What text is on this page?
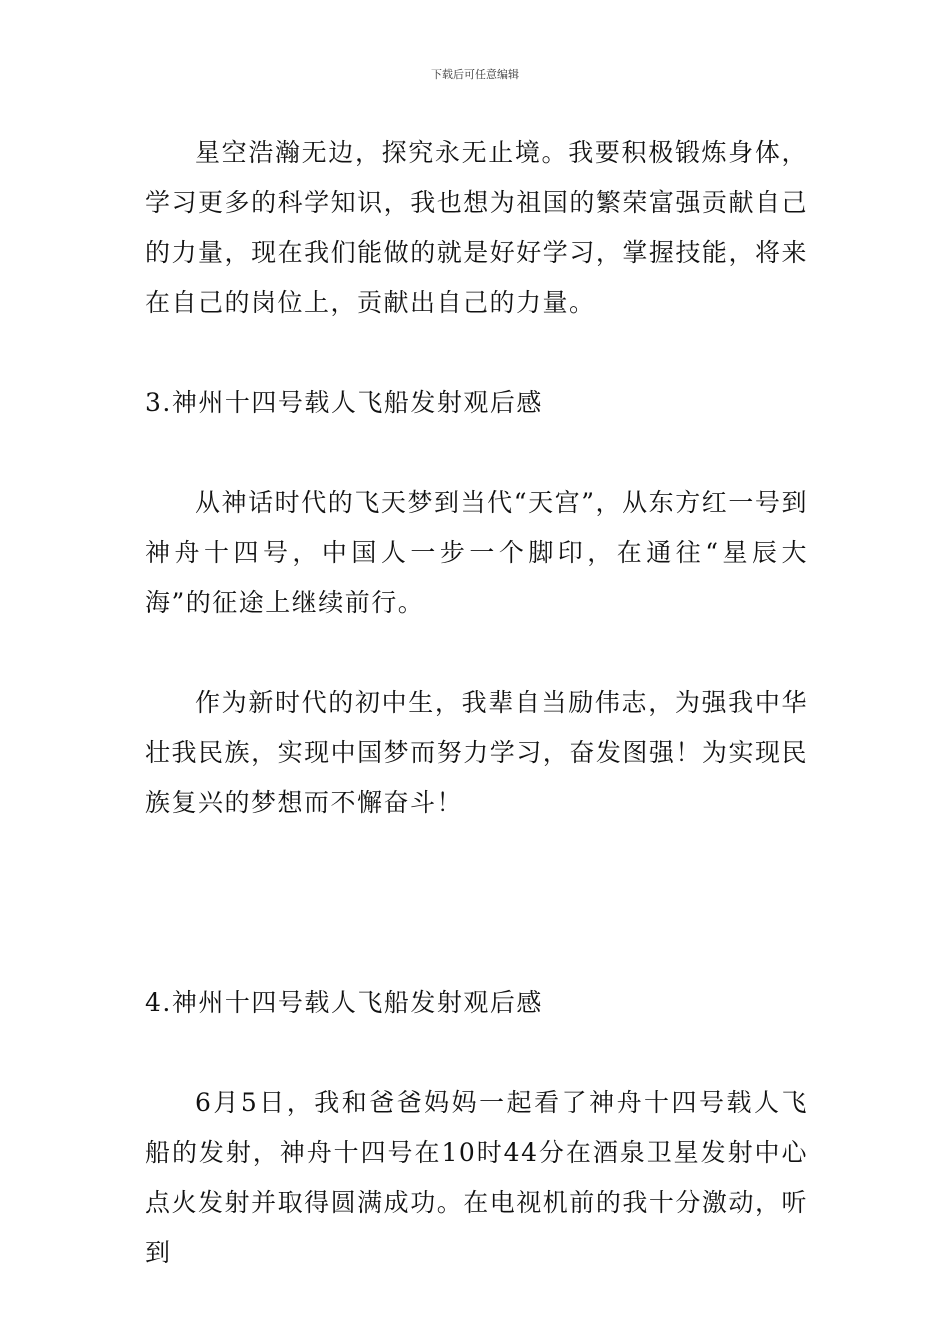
下载后可任意编辑

星空浩瀚无边，探究永无止境。我要积极锻炼身体，学习更多的科学知识，我也想为祖国的繁荣富强贡献自己的力量，现在我们能做的就是好好学习，掌握技能，将来在自己的岗位上，贡献出自己的力量。

3.神州十四号载人飞船发射观后感

从神话时代的飞天梦到当代“天宫”，从东方红一号到神舟十四号，中国人一步一个脚印，在通往“星辰大海”的征途上继续前行。

作为新时代的初中生，我辈自当励伟志，为强我中华壮我民族，实现中国梦而努力学习，奋发图强！为实现民族复兴的梦想而不懈奋斗！

4.神州十四号载人飞船发射观后感

6月5日，我和爸爸妈妈一起看了神舟十四号载人飞船的发射，神舟十四号在10时44分在酒泉卫星发射中心点火发射并取得圆满成功。在电视机前的我十分激动，听到
